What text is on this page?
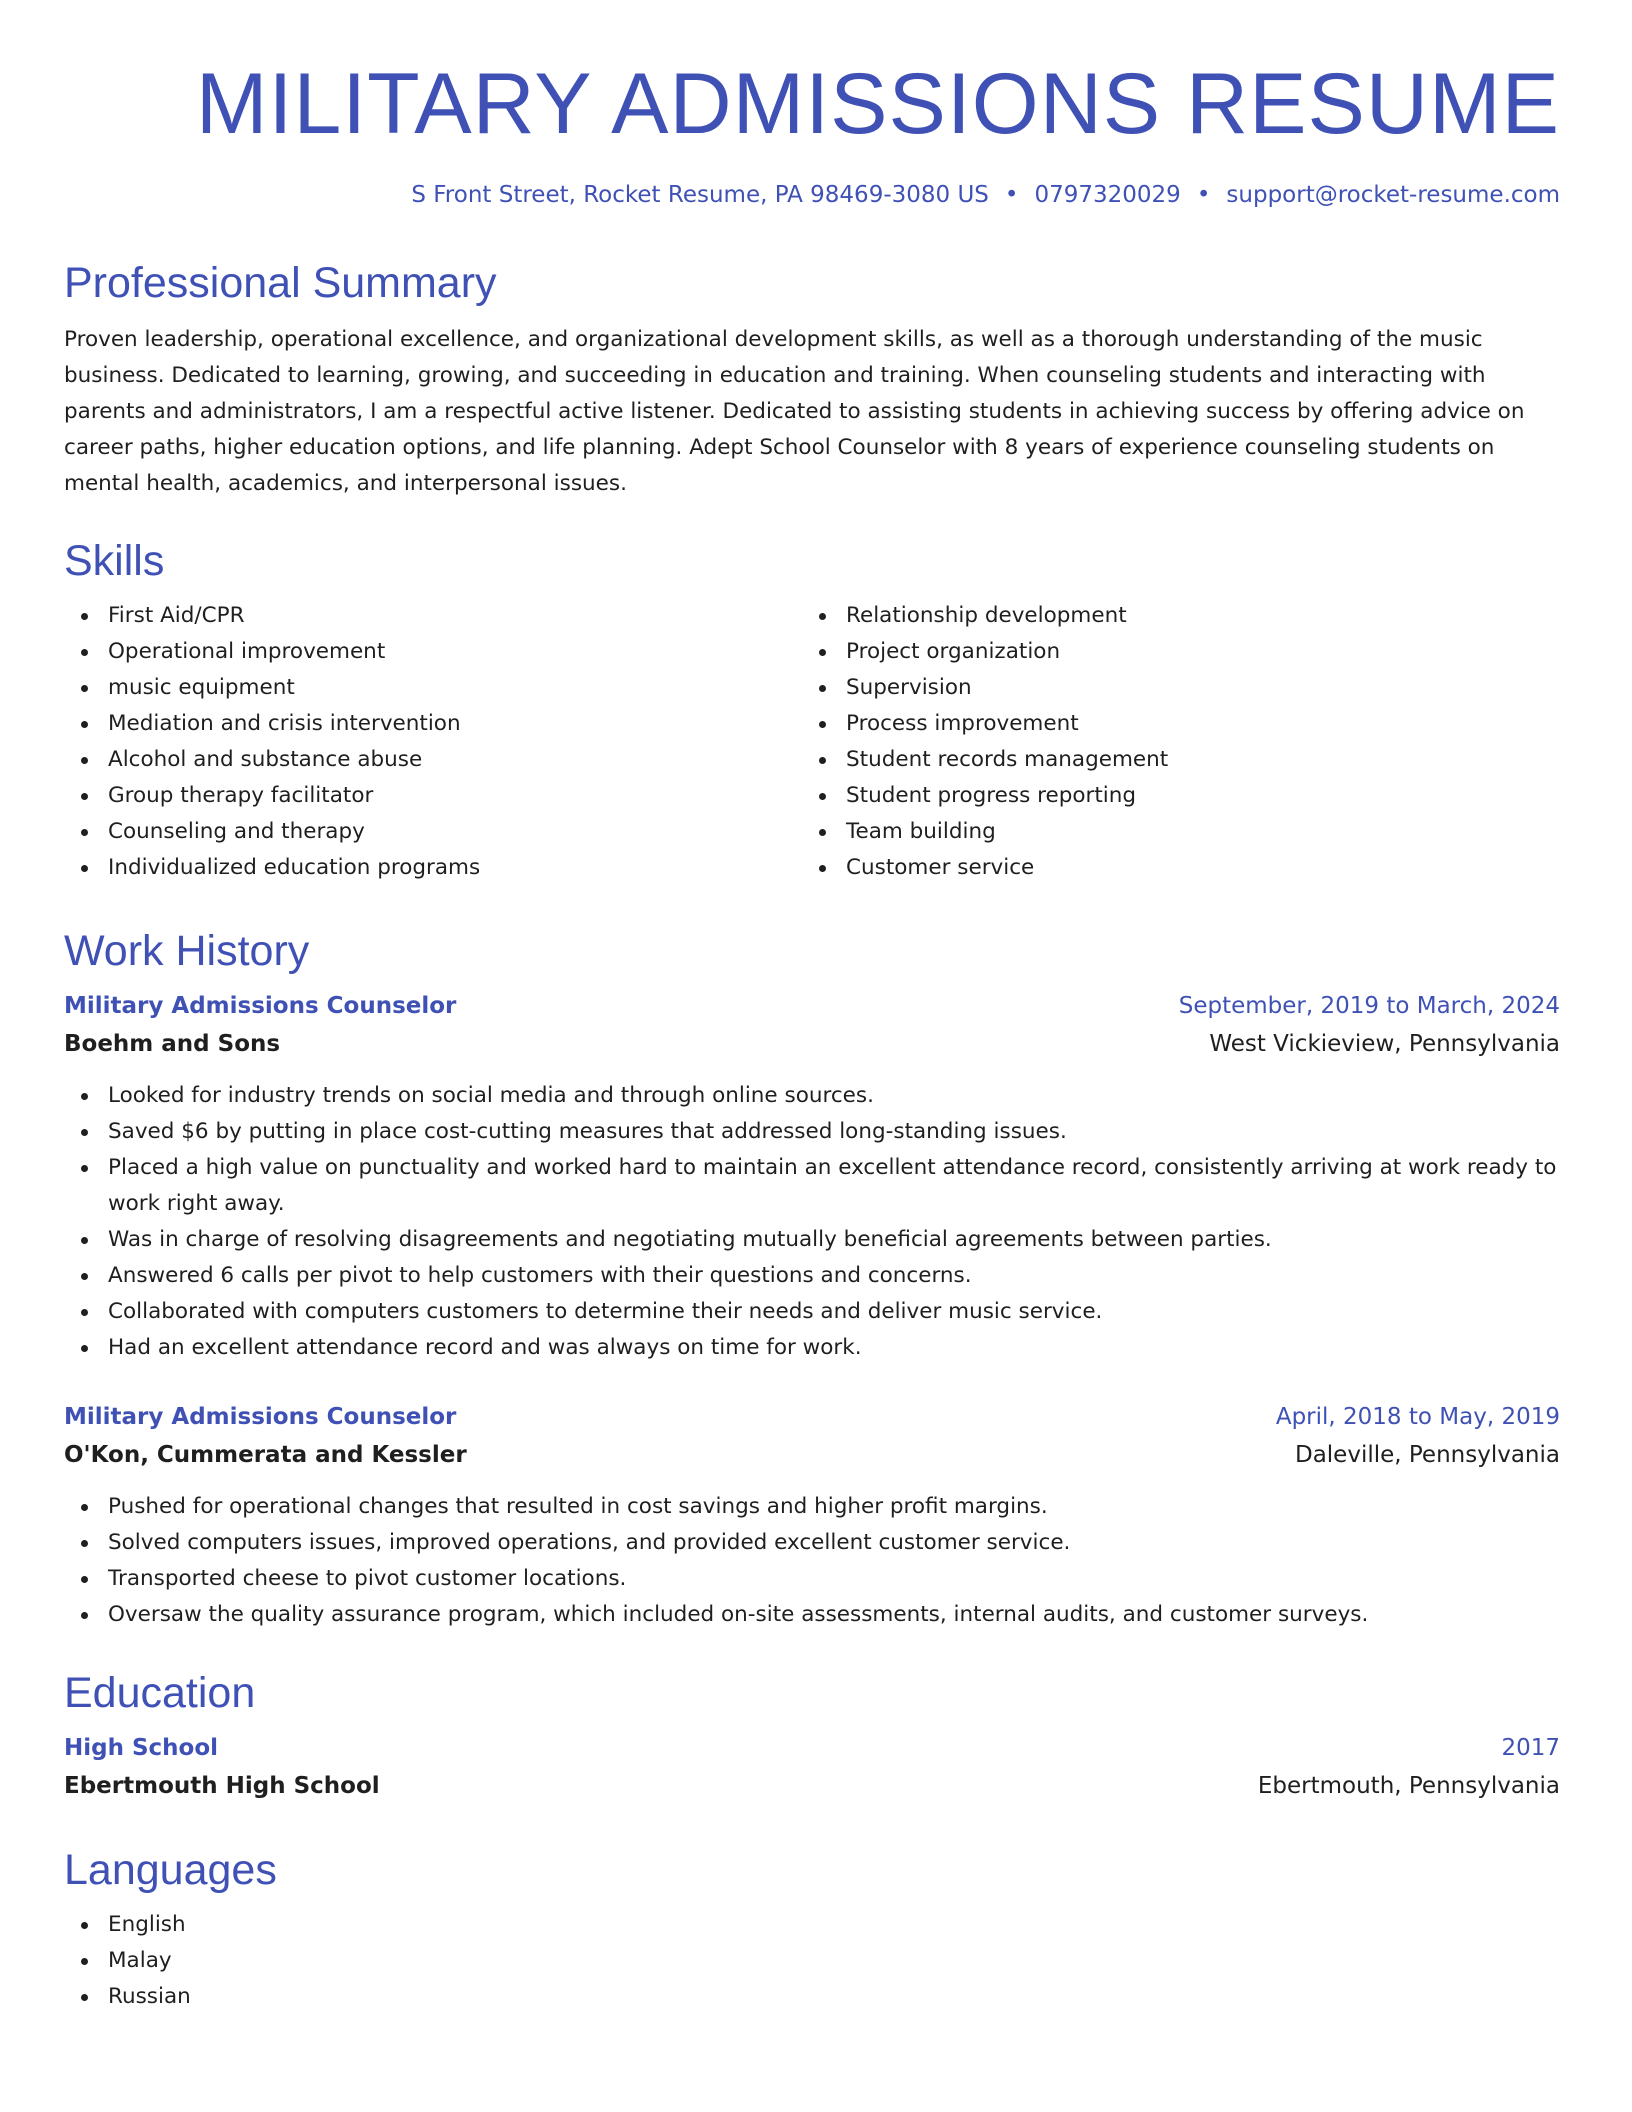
MILITARY ADMISSIONS RESUME
S Front Street, Rocket Resume, PA 98469-3080 US • 0797320029 • support@rocket-resume.com
Professional Summary

Proven leadership, operational excellence, and organizational development skills, as well as a thorough understanding of the music business. Dedicated to learning, growing, and succeeding in education and training. When counseling students and interacting with parents and administrators, I am a respectful active listener. Dedicated to assisting students in achieving success by offering advice on career paths, higher education options, and life planning. Adept School Counselor with 8 years of experience counseling students on mental health, academics, and interpersonal issues.

Skills
First Aid/CPR
Operational improvement
music equipment
Mediation and crisis intervention
Alcohol and substance abuse
Group therapy facilitator
Counseling and therapy
Individualized education programs
Relationship development
Project organization
Supervision
Process improvement
Student records management
Student progress reporting
Team building
Customer service
Work History
Military Admissions Counselor	September, 2019 to March, 2024
Boehm and Sons	West Vickieview, Pennsylvania
Looked for industry trends on social media and through online sources.
Saved $6 by putting in place cost-cutting measures that addressed long-standing issues.
Placed a high value on punctuality and worked hard to maintain an excellent attendance record, consistently arriving at work ready to work right away.
Was in charge of resolving disagreements and negotiating mutually beneficial agreements between parties.
Answered 6 calls per pivot to help customers with their questions and concerns.
Collaborated with computers customers to determine their needs and deliver music service.
Had an excellent attendance record and was always on time for work.
Military Admissions Counselor	April, 2018 to May, 2019
O'Kon, Cummerata and Kessler	Daleville, Pennsylvania
Pushed for operational changes that resulted in cost savings and higher profit margins.
Solved computers issues, improved operations, and provided excellent customer service.
Transported cheese to pivot customer locations.
Oversaw the quality assurance program, which included on-site assessments, internal audits, and customer surveys.
Education
High School	2017
Ebertmouth High School	Ebertmouth, Pennsylvania
Languages
English
Malay
Russian
